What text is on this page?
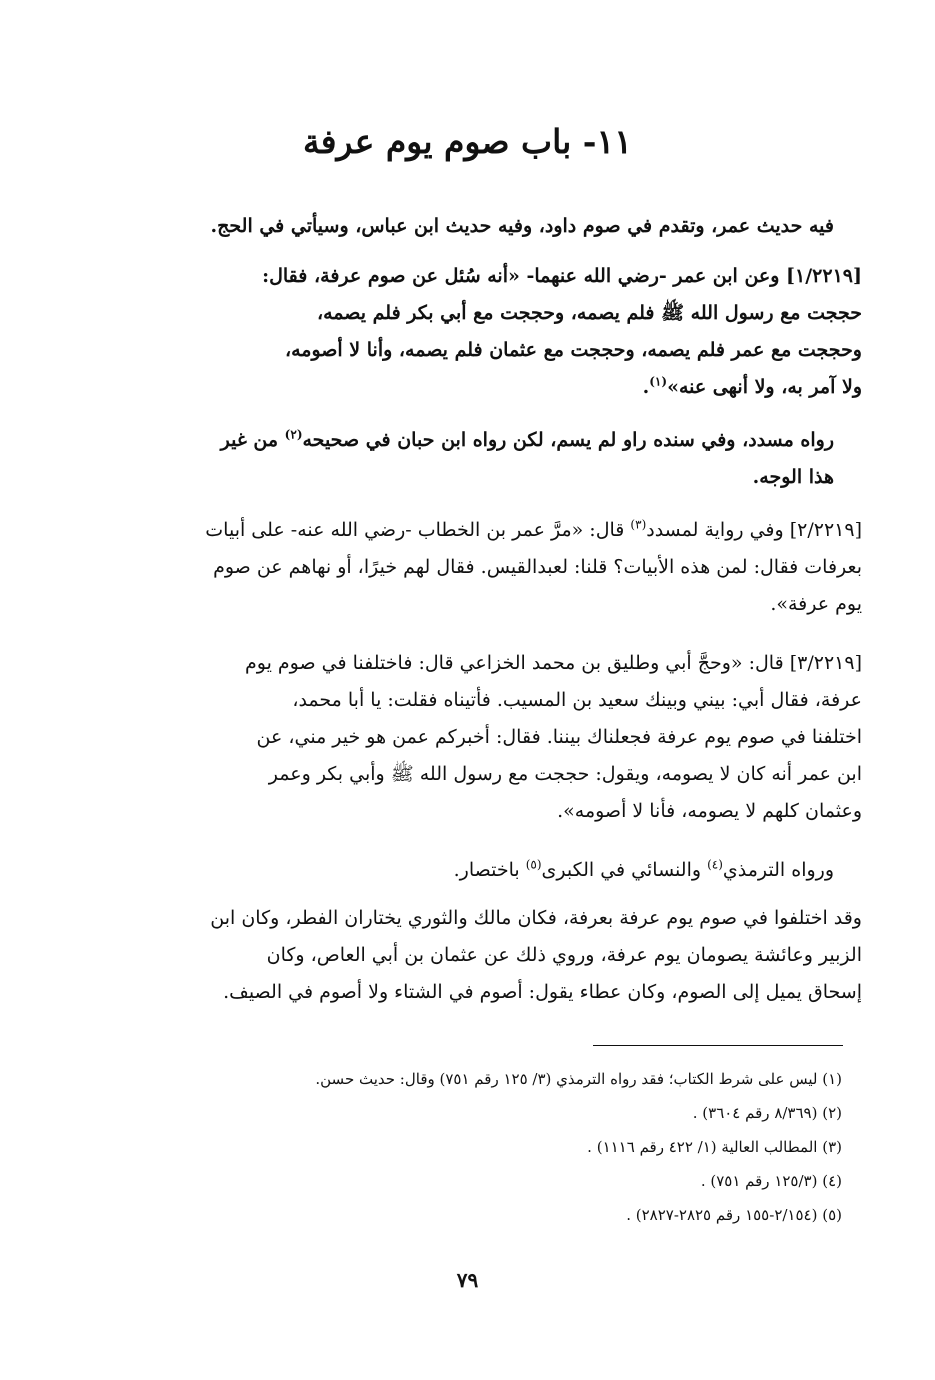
١١- باب صوم يوم عرفة

فيه حديث عمر، وتقدم في صوم داود، وفيه حديث ابن عباس، وسيأتي في الحج.

[١/٢٢١٩] وعن ابن عمر -رضي الله عنهما- «أنه سُئل عن صوم عرفة، فقال:
حججت مع رسول الله ﷺ فلم يصمه، وحججت مع أبي بكر فلم يصمه،
وحججت مع عمر فلم يصمه، وحججت مع عثمان فلم يصمه، وأنا لا أصومه،
ولا آمر به، ولا أنهى عنه»$^{(١)}$.

رواه مسدد، وفي سنده راو لم يسم، لكن رواه ابن حبان في صحيحه$^{(٢)}$ من غير
هذا الوجه.

[٢/٢٢١٩] وفي رواية لمسدد$^{(٣)}$ قال: «مرَّ عمر بن الخطاب -رضي الله عنه- على أبيات
بعرفات فقال: لمن هذه الأبيات؟ قلنا: لعبدالقيس. فقال لهم خيرًا، أو نهاهم عن صوم
يوم عرفة».

[٣/٢٢١٩] قال: «وحجَّ أبي وطليق بن محمد الخزاعي قال: فاختلفنا في صوم يوم
عرفة، فقال أبي: بيني وبينك سعيد بن المسيب. فأتيناه فقلت: يا أبا محمد،
اختلفنا في صوم يوم عرفة فجعلناك بيننا. فقال: أخبركم عمن هو خير مني، عن
ابن عمر أنه كان لا يصومه، ويقول: حججت مع رسول الله ﷺ وأبي بكر وعمر
وعثمان كلهم لا يصومه، فأنا لا أصومه».

ورواه الترمذي$^{(٤)}$ والنسائي في الكبرى$^{(٥)}$ باختصار.

وقد اختلفوا في صوم يوم عرفة بعرفة، فكان مالك والثوري يختاران الفطر، وكان ابن
الزبير وعائشة يصومان يوم عرفة، وروي ذلك عن عثمان بن أبي العاص، وكان
إسحاق يميل إلى الصوم، وكان عطاء يقول: أصوم في الشتاء ولا أصوم في الصيف.

(١) ليس على شرط الكتاب؛ فقد رواه الترمذي (٣/ ١٢٥ رقم ٧٥١) وقال: حديث حسن.
(٢) (٨/٣٦٩ رقم ٣٦٠٤) .
(٣) المطالب العالية (١/ ٤٢٢ رقم ١١١٦) .
(٤) (١٢٥/٣ رقم ٧٥١) .
(٥) (٢/١٥٤-١٥٥ رقم ٢٨٢٥-٢٨٢٧) .
٧٩
